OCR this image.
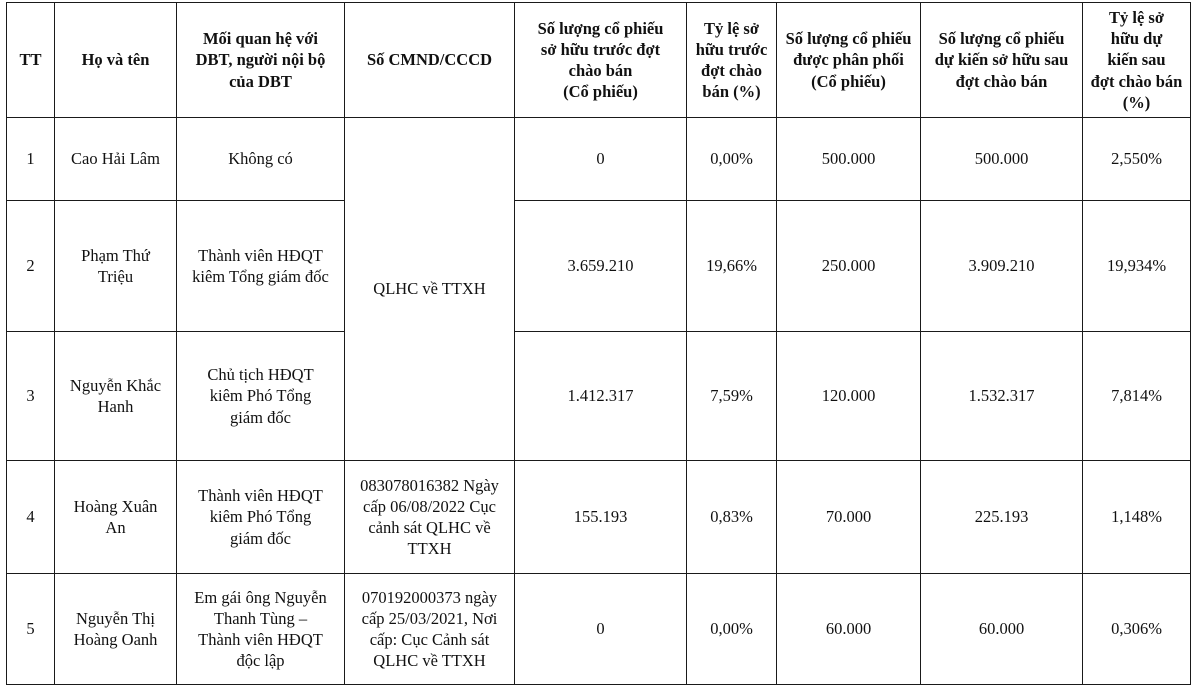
TT	Họ và tên	Mối quan hệ với
DBT, người nội bộ
của DBT	Số CMND/CCCD	Số lượng cổ phiếu
sở hữu trước đợt
chào bán
(Cổ phiếu)	Tỷ lệ sở
hữu trước
đợt chào
bán (%)	Số lượng cổ phiếu
được phân phối
(Cổ phiếu)	Số lượng cổ phiếu
dự kiến sở hữu sau
đợt chào bán	Tỷ lệ sở
hữu dự
kiến sau
đợt chào bán
(%)

1	Cao Hải Lâm	Không có	QLHC về TTXH	0	0,00%	500.000	500.000	2,550%
2	Phạm Thứ
Triệu	Thành viên HĐQT
kiêm Tổng giám đốc		3.659.210	19,66%	250.000	3.909.210	19,934%
3	Nguyễn Khắc
Hanh	Chủ tịch HĐQT
kiêm Phó Tổng
giám đốc		1.412.317	7,59%	120.000	1.532.317	7,814%
4	Hoàng Xuân
An	Thành viên HĐQT
kiêm Phó Tổng
giám đốc	083078016382 Ngày
cấp 06/08/2022 Cục
cảnh sát QLHC về
TTXH	155.193	0,83%	70.000	225.193	1,148%
5	Nguyễn Thị
Hoàng Oanh	Em gái ông Nguyễn
Thanh Tùng –
Thành viên HĐQT
độc lập	070192000373 ngày
cấp 25/03/2021, Nơi
cấp: Cục Cảnh sát
QLHC về TTXH	0	0,00%	60.000	60.000	0,306%
